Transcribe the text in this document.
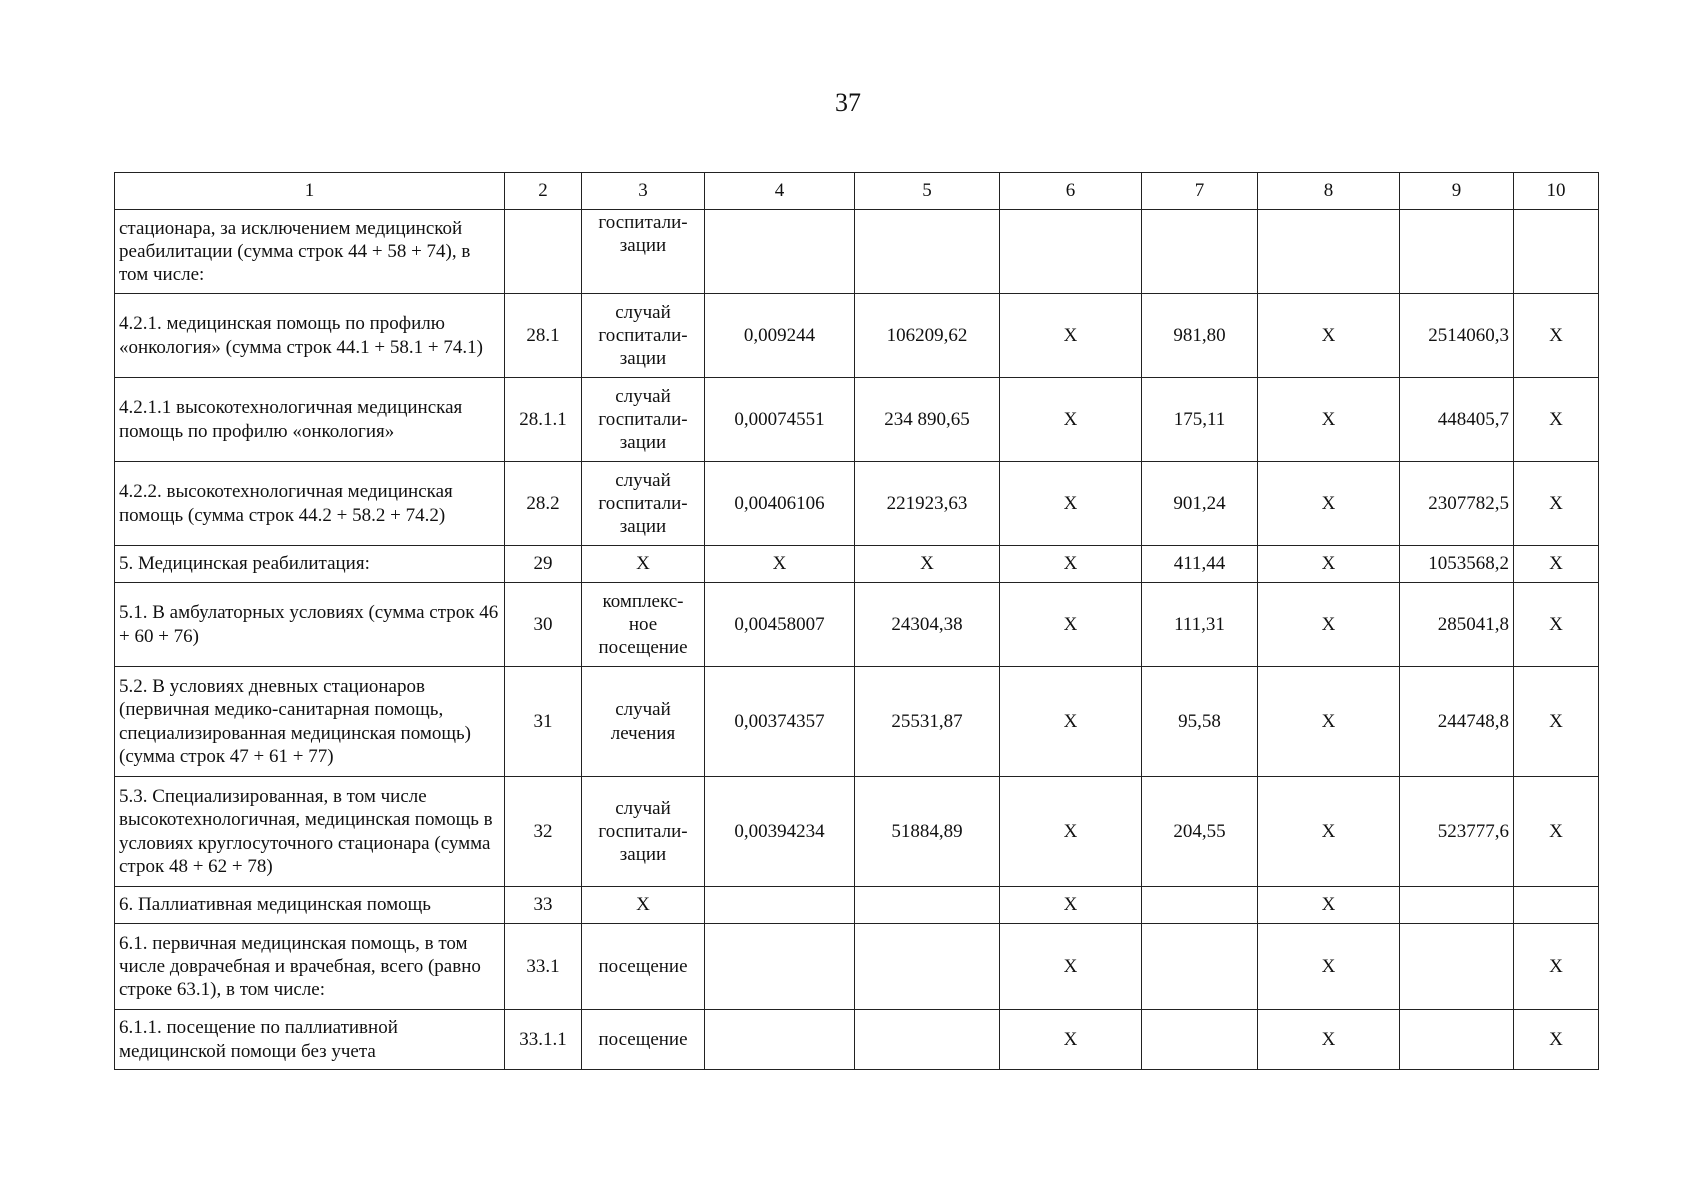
37
1	2	3	4	5	6	7	8	9	10
стационара, за исключением медицинской реабилитации (сумма строк 44 + 58 + 74), в том числе:		госпитали-
зации							
4.2.1. медицинская помощь по профилю «онкология» (сумма строк 44.1 + 58.1 + 74.1)	28.1	случай
госпитали-
зации	0,009244	106209,62	X	981,80	X	2514060,3	X
4.2.1.1 высокотехнологичная медицинская помощь по профилю «онкология»	28.1.1	случай
госпитали-
зации	0,00074551	234 890,65	X	175,11	X	448405,7	X
4.2.2. высокотехнологичная медицинская помощь (сумма строк 44.2 + 58.2 + 74.2)	28.2	случай
госпитали-
зации	0,00406106	221923,63	X	901,24	X	2307782,5	X
5. Медицинская реабилитация:	29	X	X	X	X	411,44	X	1053568,2	X
5.1. В амбулаторных условиях (сумма строк 46 + 60 + 76)	30	комплекс-
ное
посещение	0,00458007	24304,38	X	111,31	X	285041,8	X
5.2. В условиях дневных стационаров (первичная медико-санитарная помощь, специализированная медицинская помощь) (сумма строк 47 + 61 + 77)	31	случай
лечения	0,00374357	25531,87	X	95,58	X	244748,8	X
5.3. Специализированная, в том числе высокотехнологичная, медицинская помощь в условиях круглосуточного стационара (сумма строк 48 + 62 + 78)	32	случай
госпитали-
зации	0,00394234	51884,89	X	204,55	X	523777,6	X
6. Паллиативная медицинская помощь	33	X			X		X		
6.1. первичная медицинская помощь, в том числе доврачебная и врачебная, всего (равно строке 63.1), в том числе:	33.1	посещение			X		X		X
6.1.1. посещение по паллиативной медицинской помощи без учета	33.1.1	посещение			X		X		X
